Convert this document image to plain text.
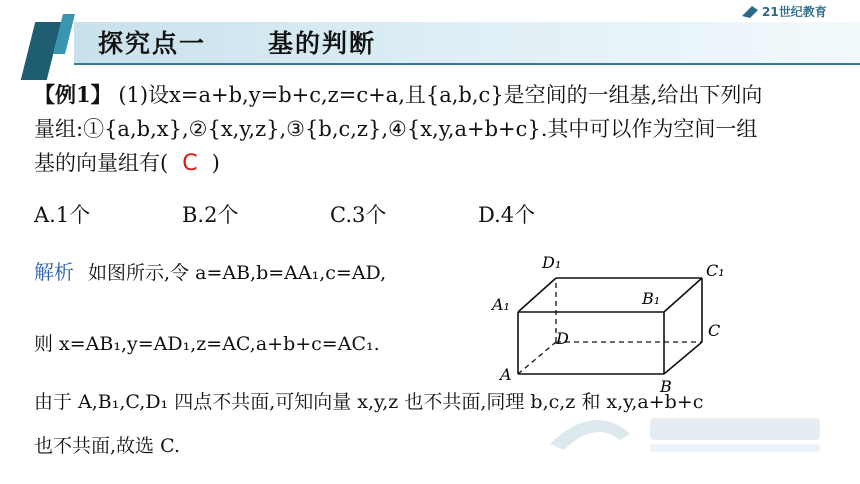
探究点一 基的判断
21世纪教育
【例1】 (1)设x=a+b,y=b+c,z=c+a,且{a,b,c}是空间的一组基,给出下列向
量组:①{a,b,x},②{x,y,z},③{b,c,z},④{x,y,a+b+c}.其中可以作为空间一组
基的向量组有( C )
A.1个	B.2个	C.3个	D.4个
解析 如图所示,令 a=AB,b=AA₁,c=AD,
则 x=AB₁,y=AD₁,z=AC,a+b+c=AC₁.
由于 A,B₁,C,D₁ 四点不共面,可知向量 x,y,z 也不共面,同理 b,c,z 和 x,y,a+b+c
也不共面,故选 C.
D₁	C₁
A₁	B₁
C
D
A
B
